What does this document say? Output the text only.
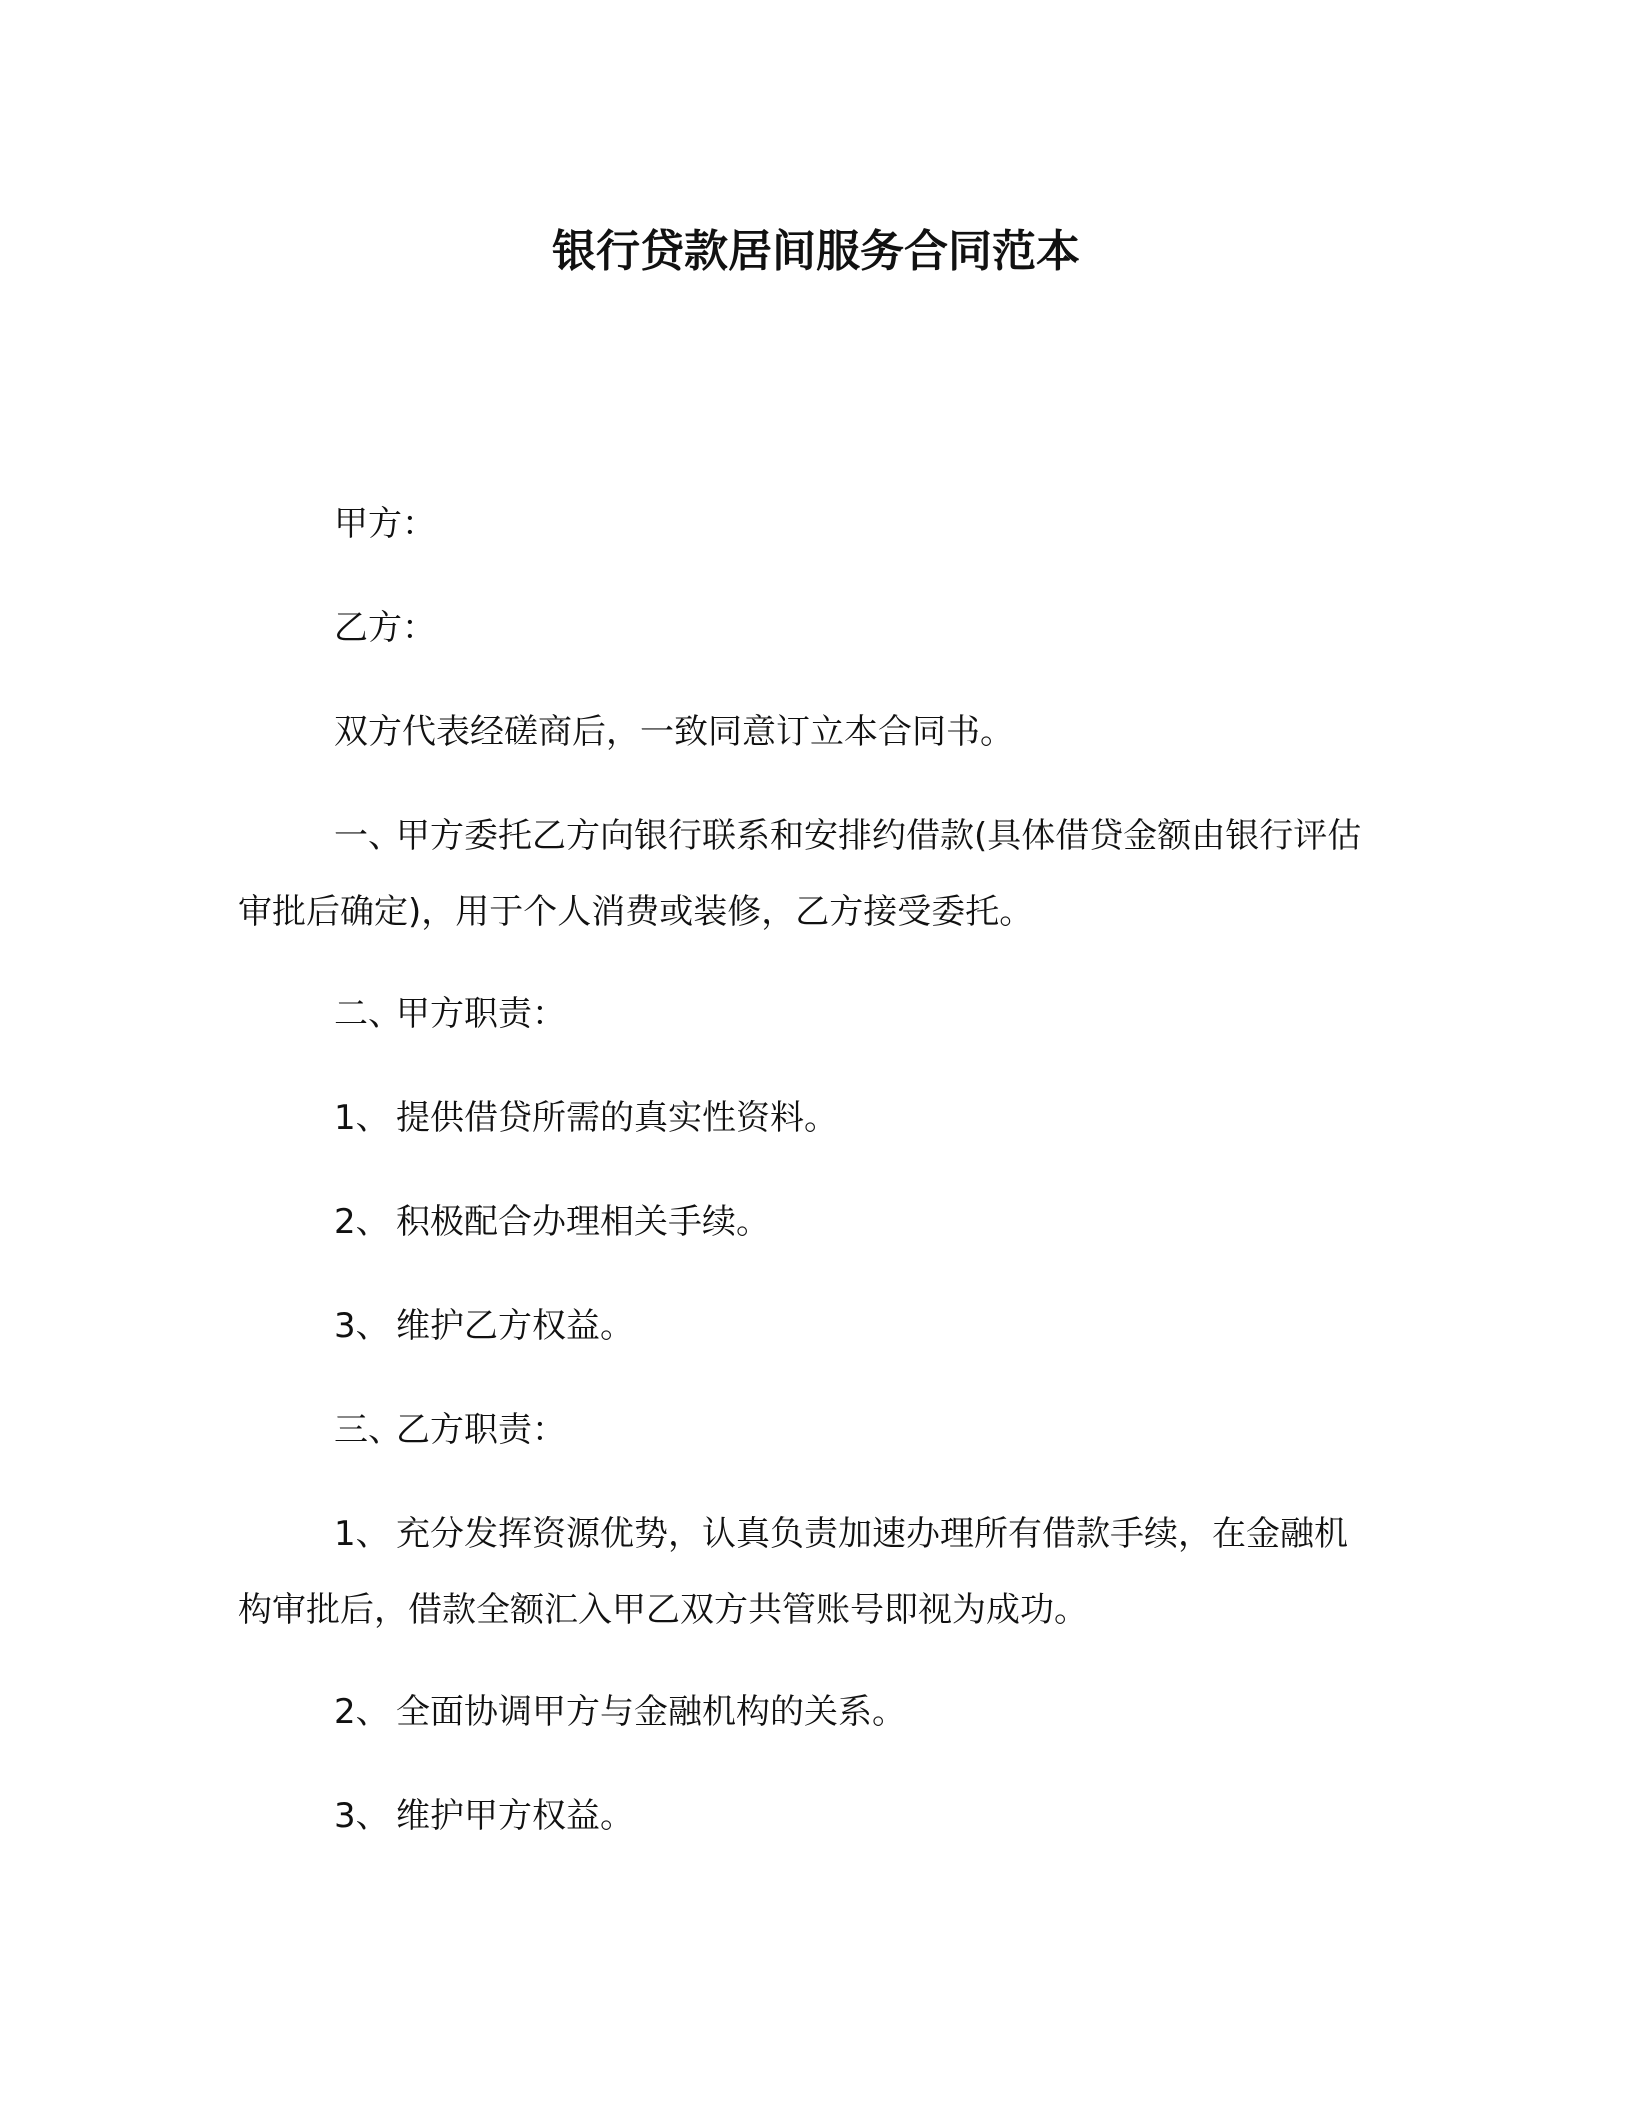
银行贷款居间服务合同范本

甲方：

乙方：

双方代表经磋商后，一致同意订立本合同书。

一、甲方委托乙方向银行联系和安排约借款(具体借贷金额由银行评估审批后确定)，用于个人消费或装修，乙方接受委托。

二、甲方职责：

1、 提供借贷所需的真实性资料。

2、 积极配合办理相关手续。

3、 维护乙方权益。

三、乙方职责：

1、 充分发挥资源优势，认真负责加速办理所有借款手续，在金融机构审批后，借款全额汇入甲乙双方共管账号即视为成功。

2、 全面协调甲方与金融机构的关系。

3、 维护甲方权益。
